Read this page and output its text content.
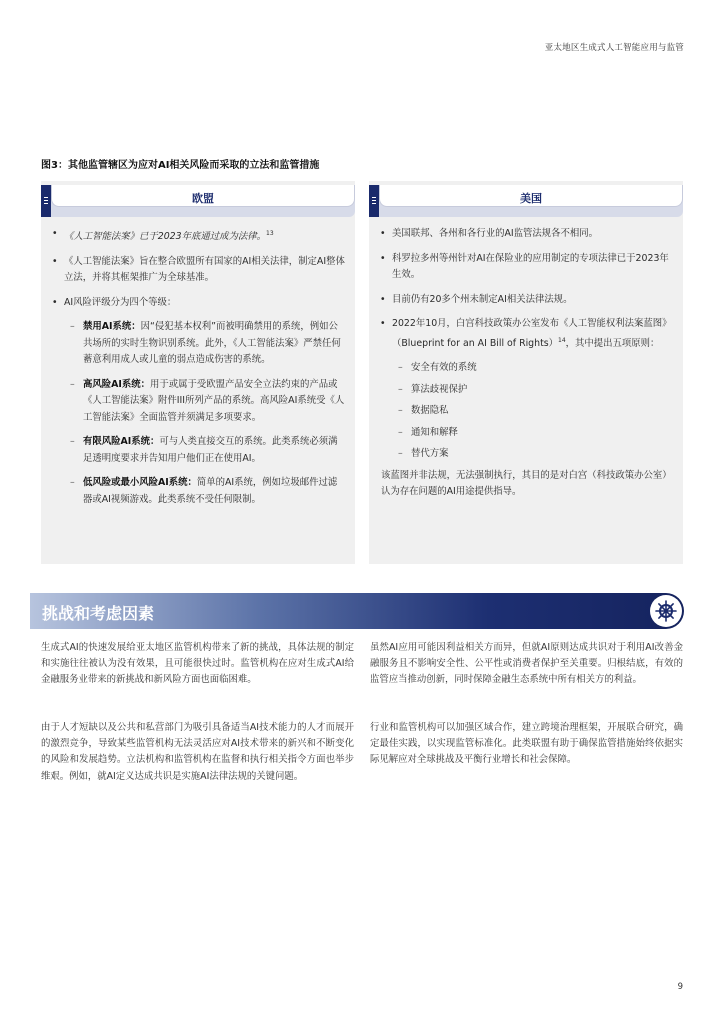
亚太地区生成式人工智能应用与监管
图3：其他监管辖区为应对AI相关风险而采取的立法和监管措施
欧盟
• 《人工智能法案》已于2023年底通过成为法律。$^{13}$
• 《人工智能法案》旨在整合欧盟所有国家的AI相关法律，制定AI整体立法，并将其框架推广为全球基准。
• AI风险评级分为四个等级：
– 禁用AI系统：因“侵犯基本权利”而被明确禁用的系统，例如公共场所的实时生物识别系统。此外，《人工智能法案》严禁任何蓄意利用成人或儿童的弱点造成伤害的系统。
– 高风险AI系统：用于或属于受欧盟产品安全立法约束的产品或《人工智能法案》附件III所列产品的系统。高风险AI系统受《人工智能法案》全面监管并须满足多项要求。
– 有限风险AI系统：可与人类直接交互的系统。此类系统必须满足透明度要求并告知用户他们正在使用AI。
– 低风险或最小风险AI系统：简单的AI系统，例如垃圾邮件过滤器或AI视频游戏。此类系统不受任何限制。
美国
• 美国联邦、各州和各行业的AI监管法规各不相同。
• 科罗拉多州等州针对AI在保险业的应用制定的专项法律已于2023年生效。
• 目前仍有20多个州未制定AI相关法律法规。
• 2022年10月，白宫科技政策办公室发布《人工智能权利法案蓝图》（Blueprint for an AI Bill of Rights）$^{14}$，其中提出五项原则：
– 安全有效的系统
– 算法歧视保护
– 数据隐私
– 通知和解释
– 替代方案
该蓝图并非法规，无法强制执行，其目的是对白宫（科技政策办公室）认为存在问题的AI用途提供指导。
挑战和考虑因素
生成式AI的快速发展给亚太地区监管机构带来了新的挑战，具体法规的制定和实施往往被认为没有效果，且可能很快过时。监管机构在应对生成式AI给金融服务业带来的新挑战和新风险方面也面临困难。
由于人才短缺以及公共和私营部门为吸引具备适当AI技术能力的人才而展开的激烈竞争，导致某些监管机构无法灵活应对AI技术带来的新兴和不断变化的风险和发展趋势。立法机构和监管机构在监督和执行相关指令方面也举步维艰。例如，就AI定义达成共识是实施AI法律法规的关键问题。
虽然AI应用可能因利益相关方而异，但就AI原则达成共识对于利用AI改善金融服务且不影响安全性、公平性或消费者保护至关重要。归根结底，有效的监管应当推动创新，同时保障金融生态系统中所有相关方的利益。
行业和监管机构可以加强区域合作，建立跨境治理框架，开展联合研究，确定最佳实践，以实现监管标准化。此类联盟有助于确保监管措施始终依据实际见解应对全球挑战及平衡行业增长和社会保障。
9
